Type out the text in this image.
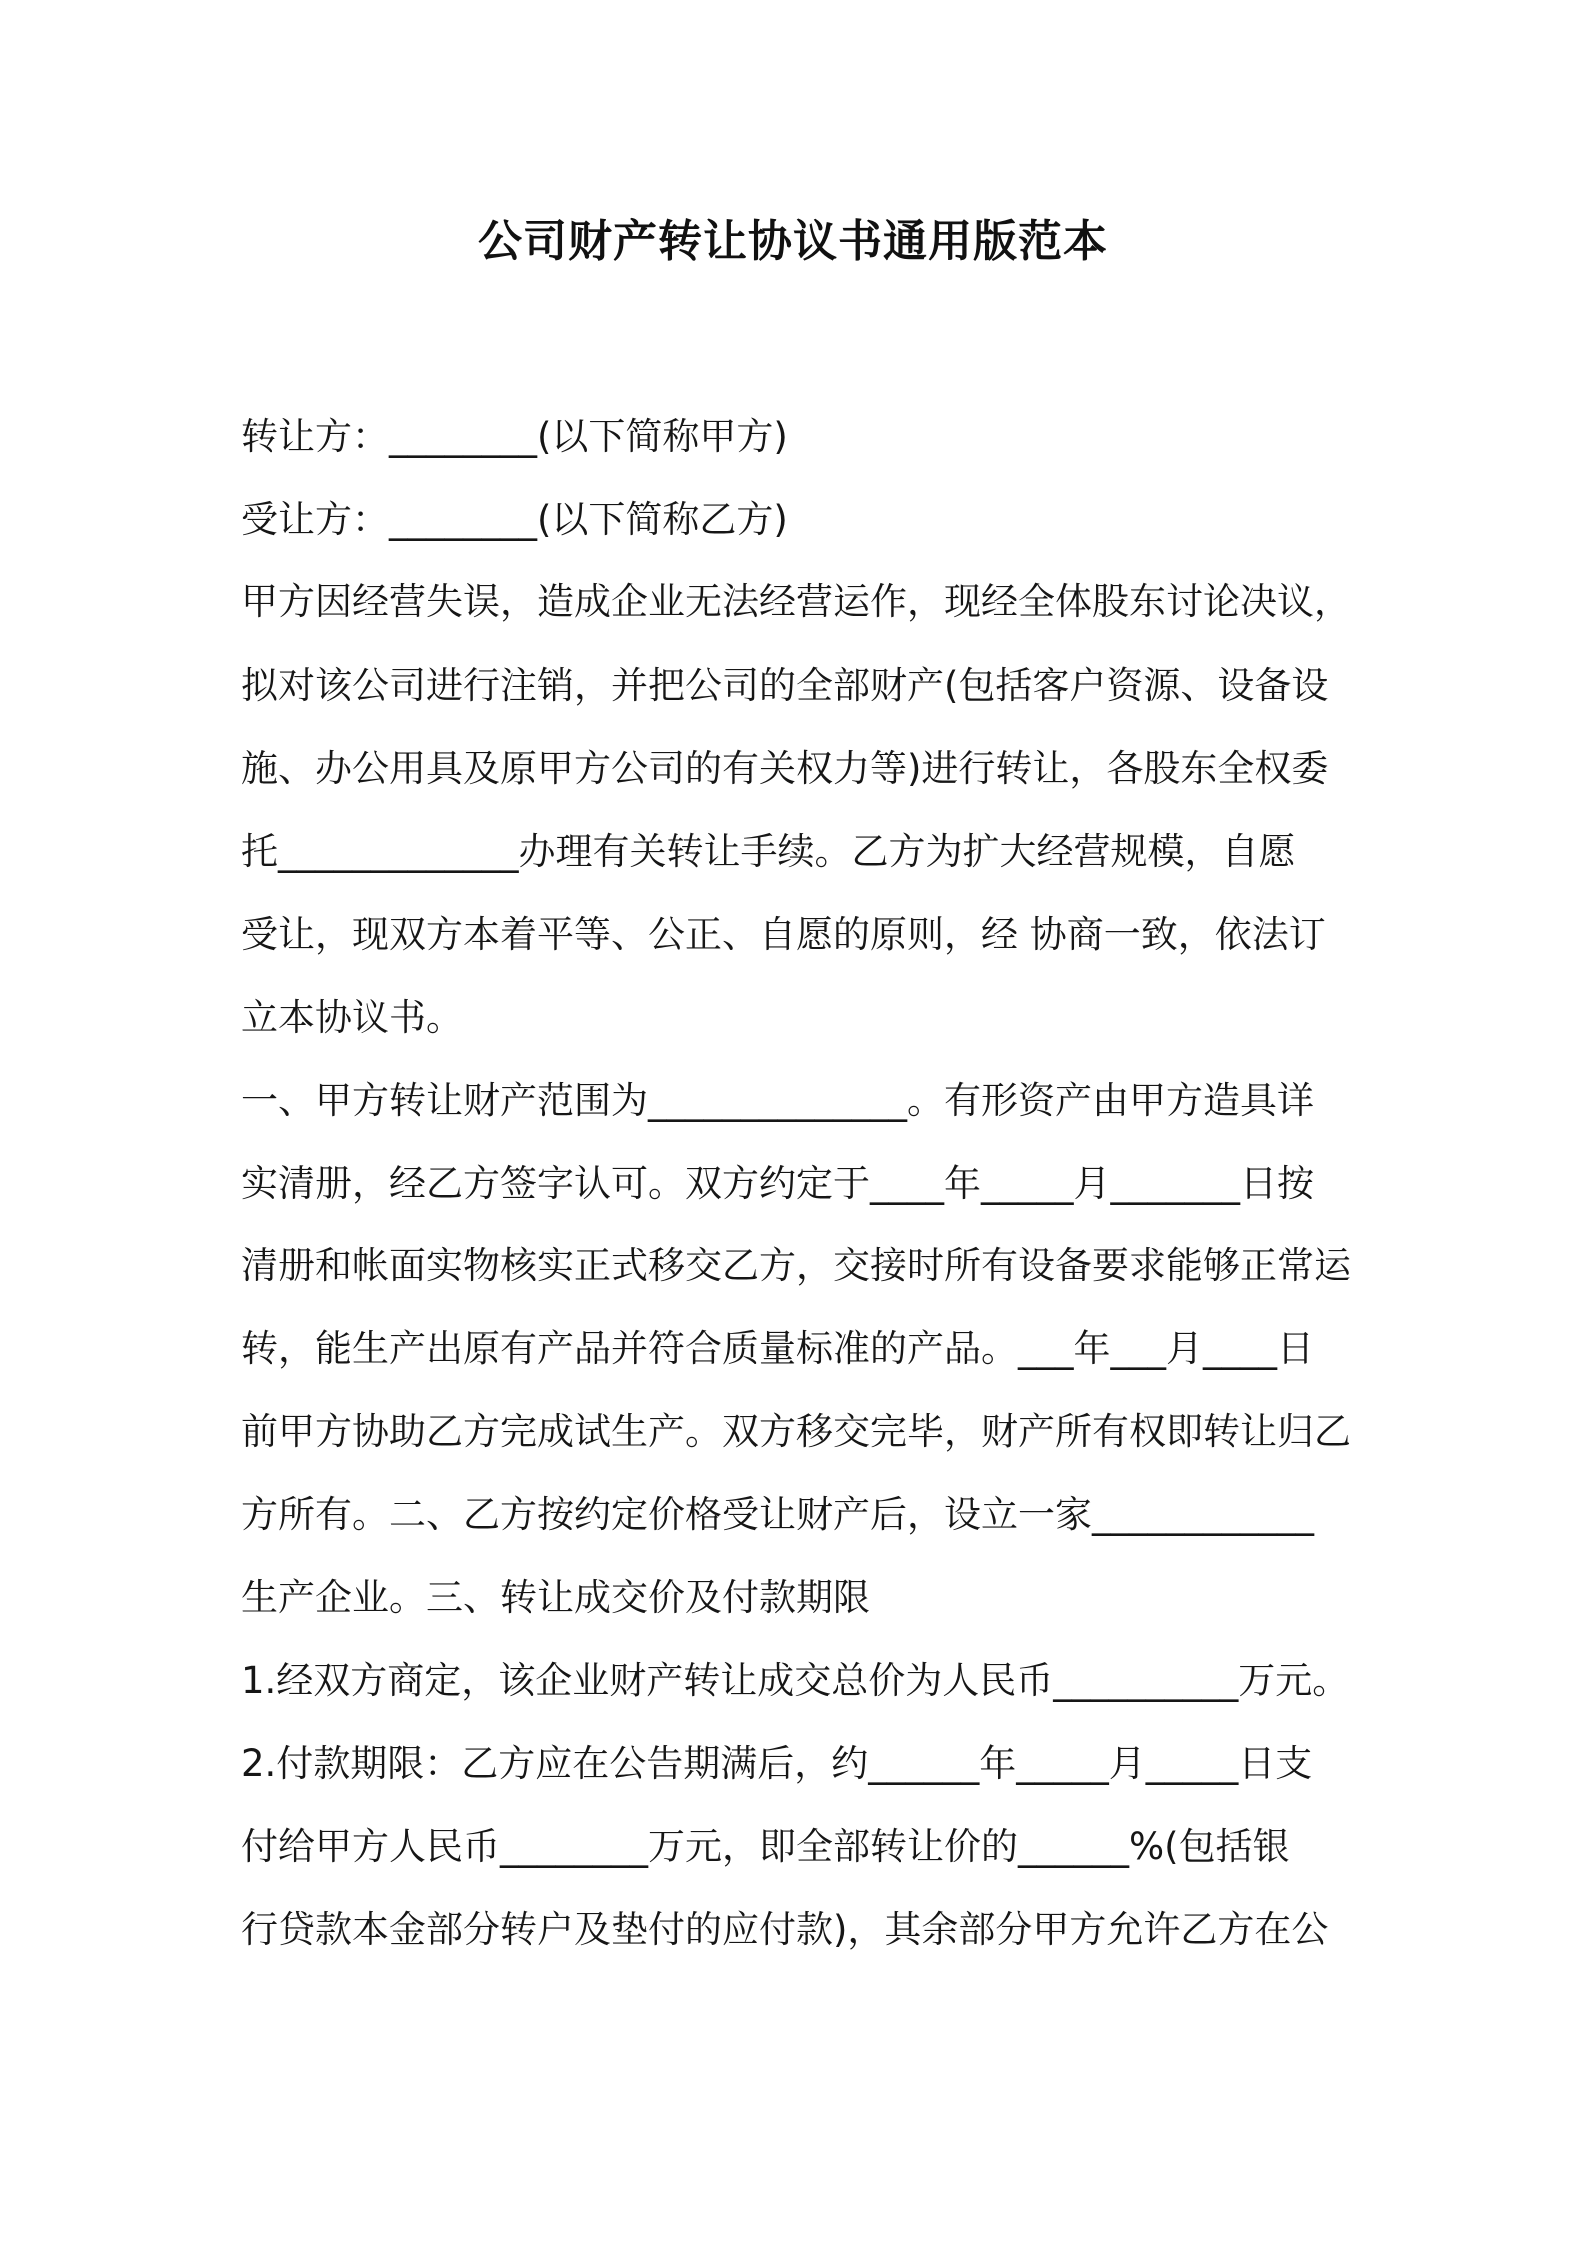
公司财产转让协议书通用版范本
转让方：________(以下简称甲方)
受让方：________(以下简称乙方)
甲方因经营失误，造成企业无法经营运作，现经全体股东讨论决议，
拟对该公司进行注销，并把公司的全部财产(包括客户资源、设备设
施、办公用具及原甲方公司的有关权力等)进行转让，各股东全权委
托_____________办理有关转让手续。乙方为扩大经营规模，自愿
受让，现双方本着平等、公正、自愿的原则，经 协商一致，依法订
立本协议书。
一、甲方转让财产范围为______________。有形资产由甲方造具详
实清册，经乙方签字认可。双方约定于____年_____月_______日按
清册和帐面实物核实正式移交乙方，交接时所有设备要求能够正常运
转，能生产出原有产品并符合质量标准的产品。___年___月____日
前甲方协助乙方完成试生产。双方移交完毕，财产所有权即转让归乙
方所有。二、乙方按约定价格受让财产后，设立一家____________
生产企业。三、转让成交价及付款期限
1.经双方商定，该企业财产转让成交总价为人民币__________万元。
2.付款期限：乙方应在公告期满后，约______年_____月_____日支
付给甲方人民币________万元，即全部转让价的______%(包括银
行贷款本金部分转户及垫付的应付款)，其余部分甲方允许乙方在公
